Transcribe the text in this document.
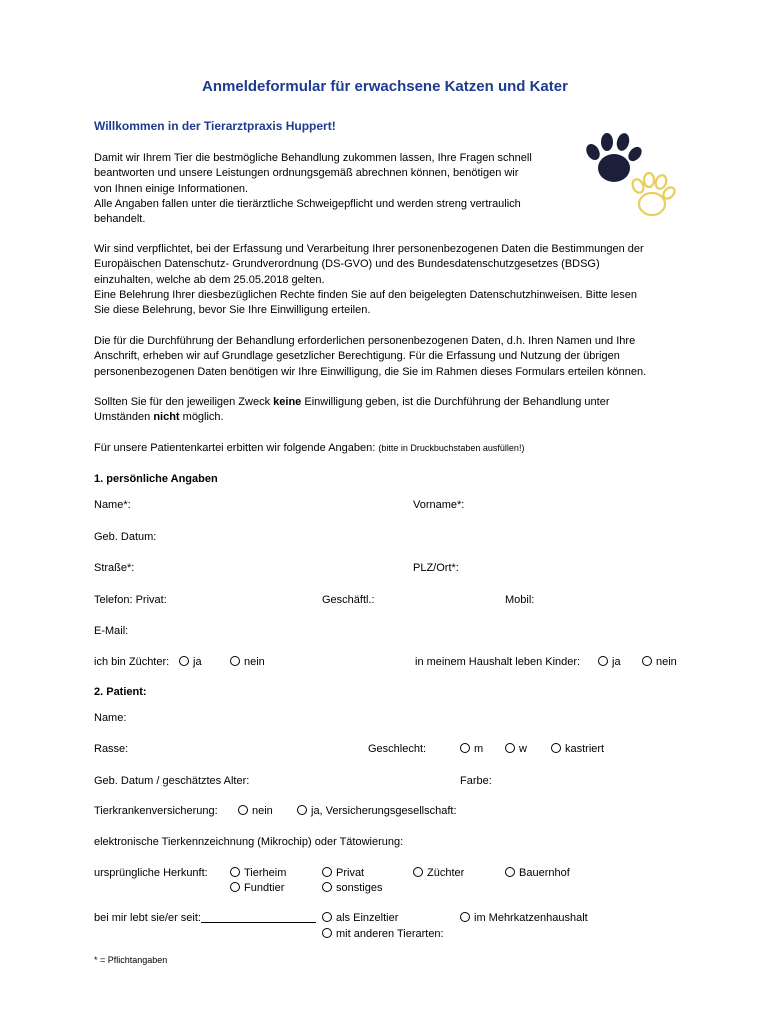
Anmeldeformular für erwachsene Katzen und Kater
Willkommen in der Tierarztpraxis Huppert!

Damit wir Ihrem Tier die bestmögliche Behandlung zukommen lassen, Ihre Fragen schnell

beantworten und unsere Leistungen ordnungsgemäß abrechnen können, benötigen wir

von Ihnen einige Informationen.

Alle Angaben fallen unter die tierärztliche Schweigepflicht und werden streng vertraulich

behandelt.

Wir sind verpflichtet, bei der Erfassung und Verarbeitung Ihrer personenbezogenen Daten die Bestimmungen der

Europäischen Datenschutz- Grundverordnung (DS-GVO) und des Bundesdatenschutzgesetzes (BDSG)

einzuhalten, welche ab dem 25.05.2018 gelten.

Eine Belehrung Ihrer diesbezüglichen Rechte finden Sie auf den beigelegten Datenschutzhinweisen. Bitte lesen

Sie diese Belehrung, bevor Sie Ihre Einwilligung erteilen.

Die für die Durchführung der Behandlung erforderlichen personenbezogenen Daten, d.h. Ihren Namen und Ihre

Anschrift, erheben wir auf Grundlage gesetzlicher Berechtigung. Für die Erfassung und Nutzung der übrigen

personenbezogenen Daten benötigen wir Ihre Einwilligung, die Sie im Rahmen dieses Formulars erteilen können.

Sollten Sie für den jeweiligen Zweck keine Einwilligung geben, ist die Durchführung der Behandlung unter

Umständen nicht möglich.

Für unsere Patientenkartei erbitten wir folgende Angaben: (bitte in Druckbuchstaben ausfüllen!)
1. persönliche Angaben
Name*:	Vorname*:
Geb. Datum:
Straße*:	PLZ/Ort*:
Telefon: Privat:	Geschäftl.:	Mobil:
E-Mail:
ich bin Züchter:	ja	nein	in meinem Haushalt leben Kinder:	ja	nein
2. Patient:
Name:
Rasse:	Geschlecht:	m	w	kastriert
Geb. Datum / geschätztes Alter:	Farbe:
Tierkrankenversicherung:	nein	ja, Versicherungsgesellschaft:
elektronische Tierkennzeichnung (Mikrochip) oder Tätowierung:
ursprüngliche Herkunft:	Tierheim	Privat	Züchter	Bauernhof
Fundtier	sonstiges
bei mir lebt sie/er seit:	als Einzeltier	im Mehrkatzenhaushalt
mit anderen Tierarten:
* = Pflichtangaben
